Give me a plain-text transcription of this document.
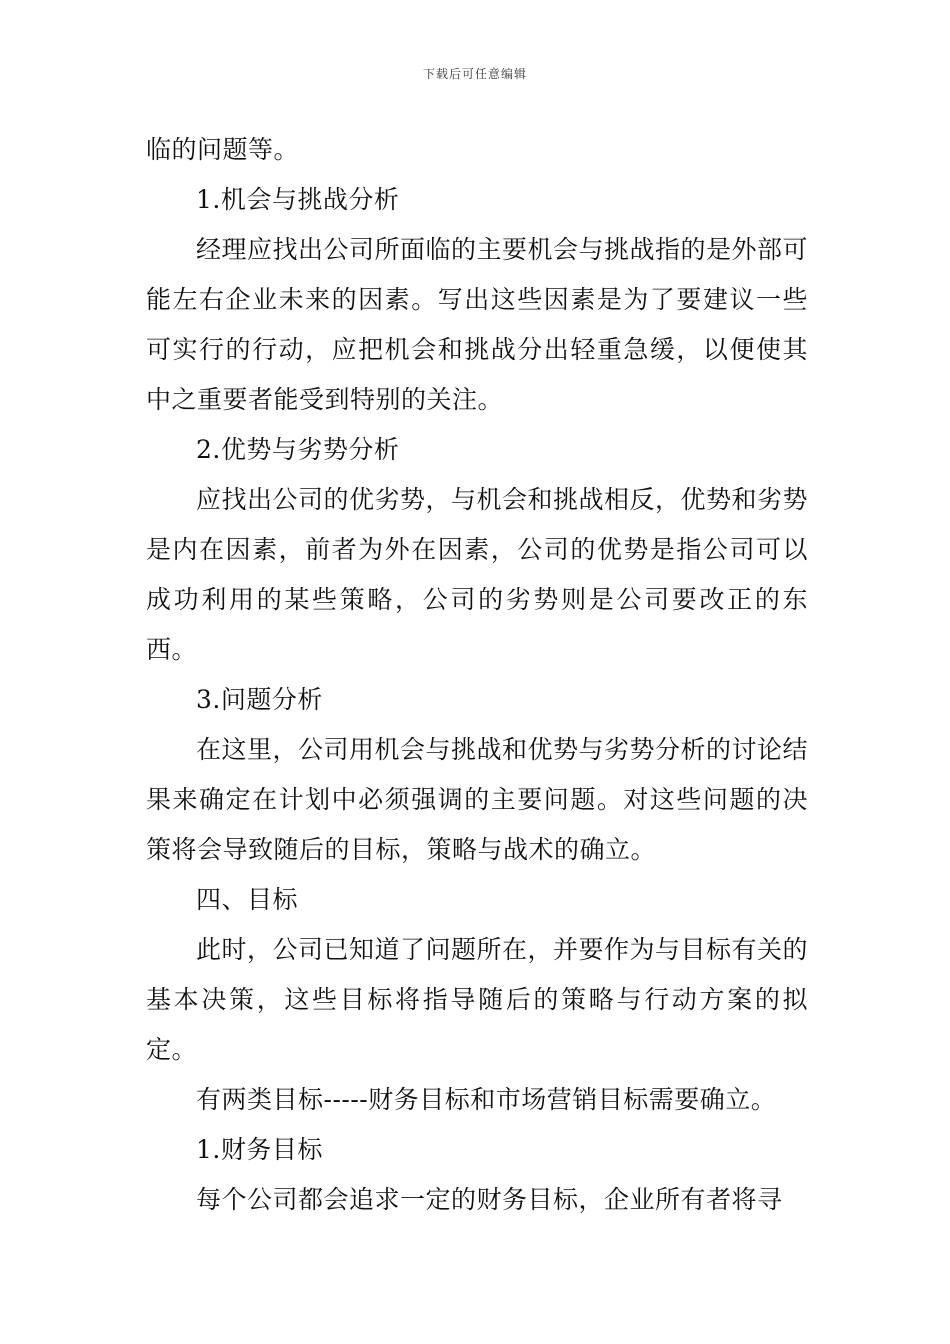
下载后可任意编辑

临的问题等。

1.机会与挑战分析

经理应找出公司所面临的主要机会与挑战指的是外部可能左右企业未来的因素。写出这些因素是为了要建议一些可实行的行动，应把机会和挑战分出轻重急缓，以便使其中之重要者能受到特别的关注。

2.优势与劣势分析

应找出公司的优劣势，与机会和挑战相反，优势和劣势是内在因素，前者为外在因素，公司的优势是指公司可以成功利用的某些策略，公司的劣势则是公司要改正的东西。

3.问题分析

在这里，公司用机会与挑战和优势与劣势分析的讨论结果来确定在计划中必须强调的主要问题。对这些问题的决策将会导致随后的目标，策略与战术的确立。

四、目标

此时，公司已知道了问题所在，并要作为与目标有关的基本决策，这些目标将指导随后的策略与行动方案的拟定。

有两类目标-----财务目标和市场营销目标需要确立。

1.财务目标

每个公司都会追求一定的财务目标，企业所有者将寻
